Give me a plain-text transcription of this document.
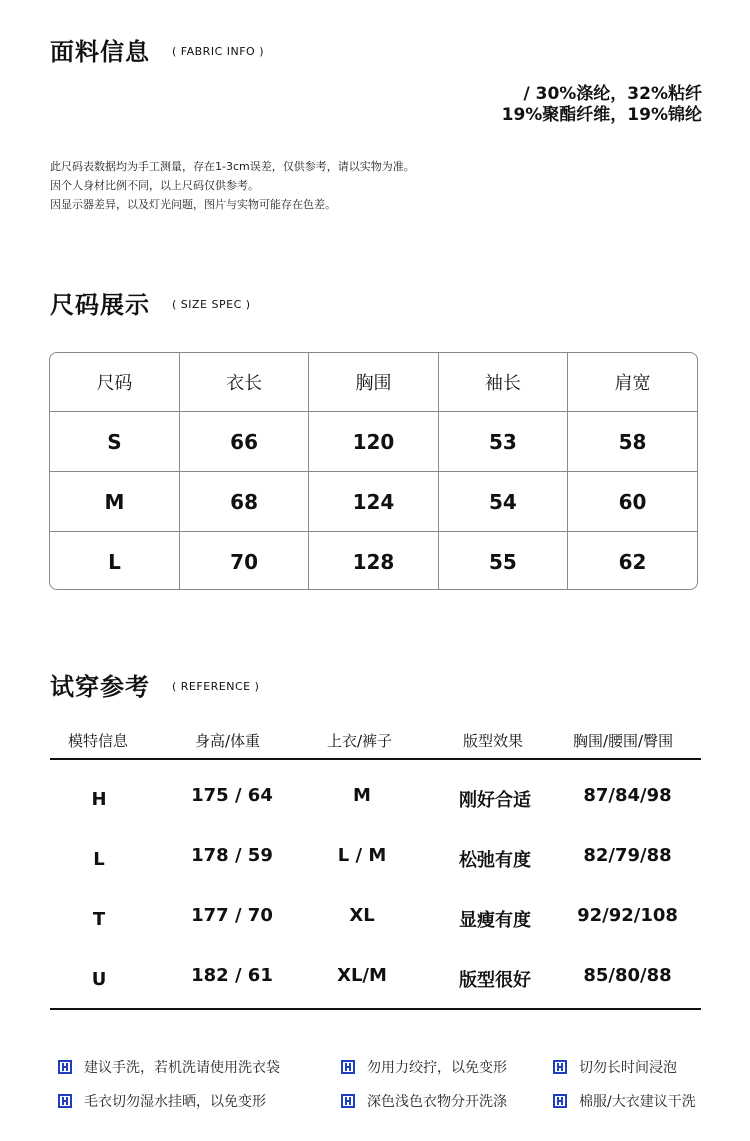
面料信息 ( FABRIC INFO )
/ 30%涤纶，32%粘纤
19%聚酯纤维，19%锦纶
此尺码表数据均为手工测量，存在1-3cm误差，仅供参考，请以实物为准。
因个人身材比例不同，以上尺码仅供参考。
因显示器差异，以及灯光问题，图片与实物可能存在色差。
尺码展示 ( SIZE SPEC )
尺码	衣长	胸围	袖长	肩宽
S	66	120	53	58
M	68	124	54	60
L	70	128	55	62
试穿参考 ( REFERENCE )
模特信息	身高/体重	上衣/裤子	版型效果	胸围/腰围/臀围
H	175 / 64	M	刚好合适	87/84/98
L	178 / 59	L / M	松弛有度	82/79/88
T	177 / 70	XL	显瘦有度	92/92/108
U	182 / 61	XL/M	版型很好	85/80/88
建议手洗，若机洗请使用洗衣袋	勿用力绞拧，以免变形	切勿长时间浸泡
毛衣切勿湿水挂晒，以免变形	深色浅色衣物分开洗涤	棉服/大衣建议干洗
